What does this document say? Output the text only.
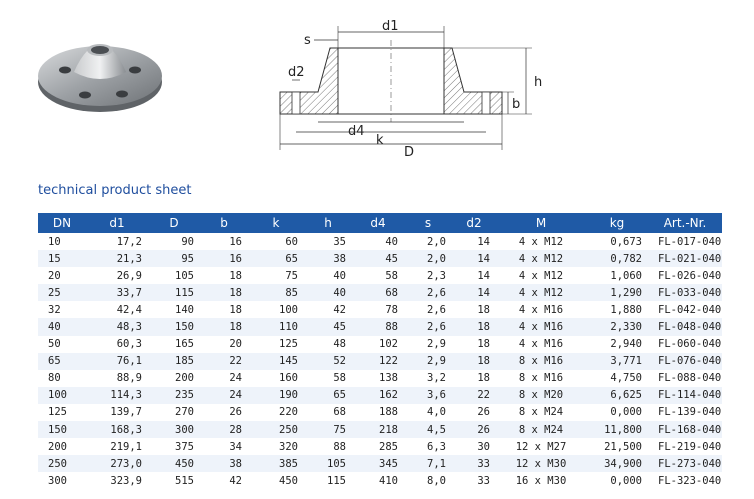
d1
s
d2
d4
k
D
h
b
technical product sheet
DN	d1	D	b	k	h	d4	s	d2	M	kg	Art.-Nr.
10	17,2	90	16	60	35	40	2,0	14	4 x M12	0,673	FL-017-040
15	21,3	95	16	65	38	45	2,0	14	4 x M12	0,782	FL-021-040
20	26,9	105	18	75	40	58	2,3	14	4 x M12	1,060	FL-026-040
25	33,7	115	18	85	40	68	2,6	14	4 x M12	1,290	FL-033-040
32	42,4	140	18	100	42	78	2,6	18	4 x M16	1,880	FL-042-040
40	48,3	150	18	110	45	88	2,6	18	4 x M16	2,330	FL-048-040
50	60,3	165	20	125	48	102	2,9	18	4 x M16	2,940	FL-060-040
65	76,1	185	22	145	52	122	2,9	18	8 x M16	3,771	FL-076-040
80	88,9	200	24	160	58	138	3,2	18	8 x M16	4,750	FL-088-040
100	114,3	235	24	190	65	162	3,6	22	8 x M20	6,625	FL-114-040
125	139,7	270	26	220	68	188	4,0	26	8 x M24	0,000	FL-139-040
150	168,3	300	28	250	75	218	4,5	26	8 x M24	11,800	FL-168-040
200	219,1	375	34	320	88	285	6,3	30	12 x M27	21,500	FL-219-040
250	273,0	450	38	385	105	345	7,1	33	12 x M30	34,900	FL-273-040
300	323,9	515	42	450	115	410	8,0	33	16 x M30	0,000	FL-323-040
